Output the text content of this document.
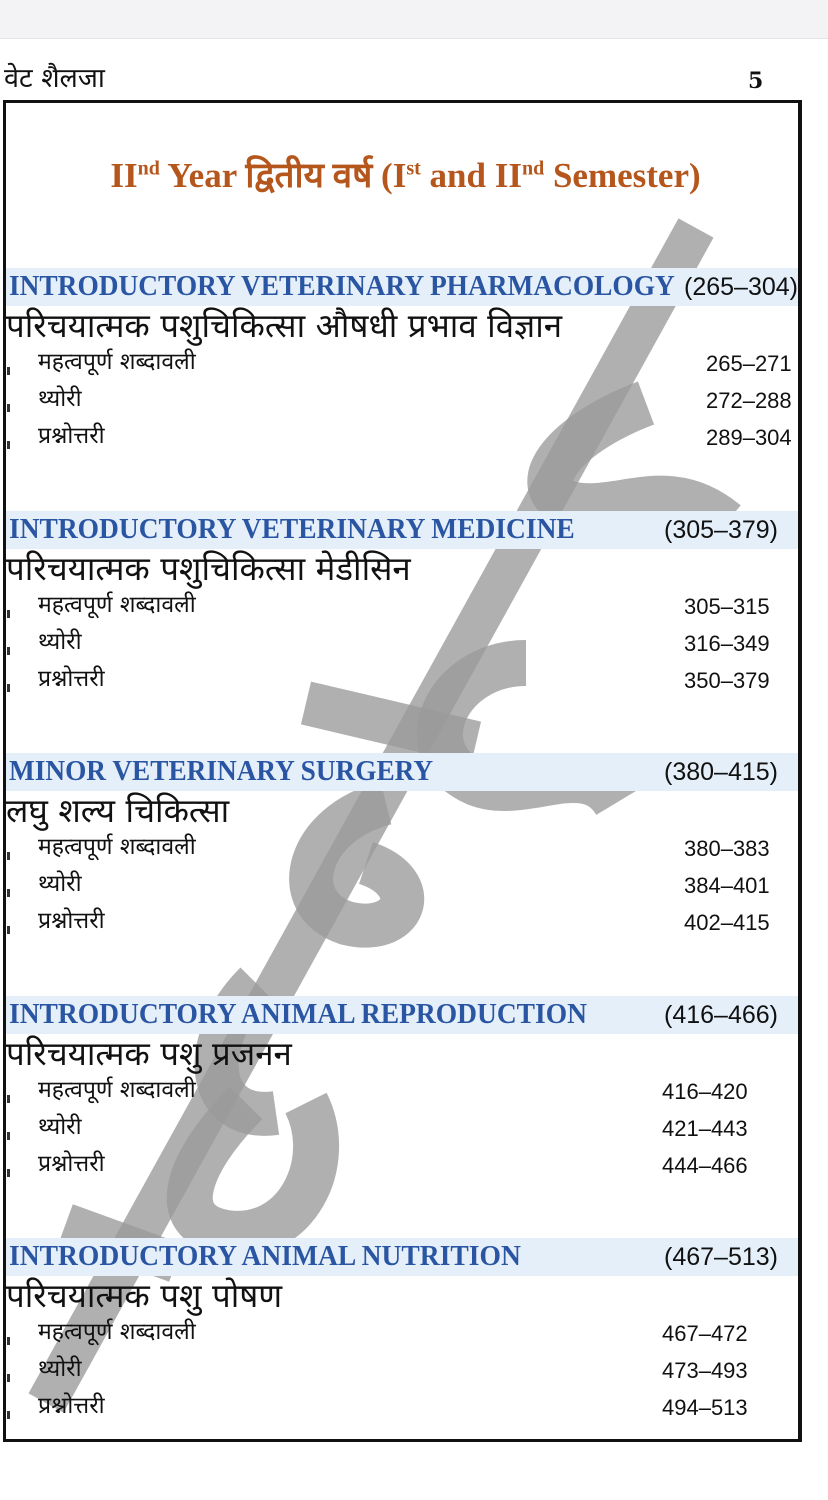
वेट शैलजा	5
IInd Year द्वितीय वर्ष (Ist and IInd Semester)
INTRODUCTORY VETERINARY PHARMACOLOGY (265–304)
परिचयात्मक पशुचिकित्सा औषधी प्रभाव विज्ञान
महत्वपूर्ण शब्दावली	265–271
थ्योरी	272–288
प्रश्नोत्तरी	289–304
INTRODUCTORY VETERINARY MEDICINE	(305–379)
परिचयात्मक पशुचिकित्सा मेडीसिन
महत्वपूर्ण शब्दावली	305–315
थ्योरी	316–349
प्रश्नोत्तरी	350–379
MINOR VETERINARY SURGERY	(380–415)
लघु शल्य चिकित्सा
महत्वपूर्ण शब्दावली	380–383
थ्योरी	384–401
प्रश्नोत्तरी	402–415
INTRODUCTORY ANIMAL REPRODUCTION	(416–466)
परिचयात्मक पशु प्रजनन
महत्वपूर्ण शब्दावली	416–420
थ्योरी	421–443
प्रश्नोत्तरी	444–466
INTRODUCTORY ANIMAL NUTRITION	(467–513)
परिचयात्मक पशु पोषण
महत्वपूर्ण शब्दावली	467–472
थ्योरी	473–493
प्रश्नोत्तरी	494–513
